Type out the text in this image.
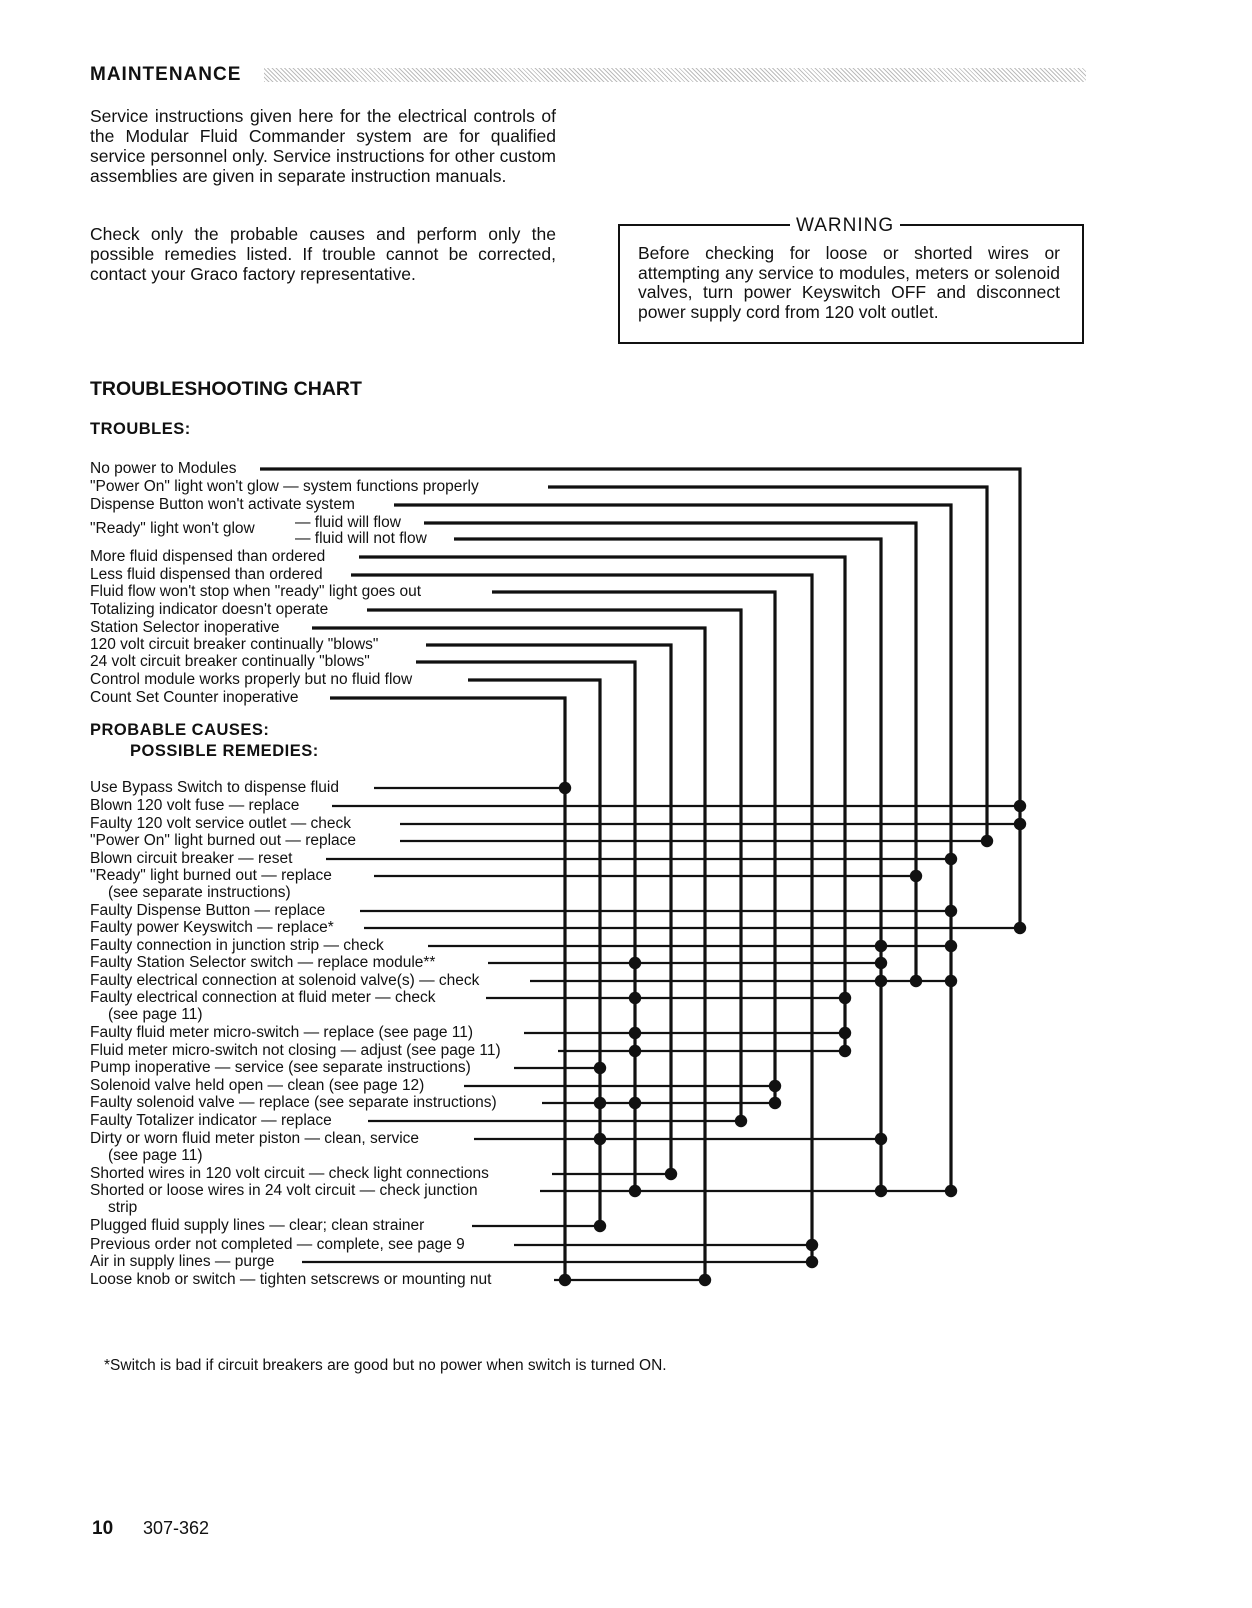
MAINTENANCE

Service instructions given here for the electrical controls of the Modular Fluid Commander system are for qualified service personnel only. Service instructions for other custom assemblies are given in separate instruction manuals.

Check only the probable causes and perform only the possible remedies listed. If trouble cannot be corrected, contact your Graco factory representative.

WARNING
Before checking for loose or shorted wires or attempting any service to modules, meters or solenoid valves, turn power Keyswitch OFF and disconnect power supply cord from 120 volt outlet.
TROUBLESHOOTING CHART
TROUBLES:
PROBABLE CAUSES:
POSSIBLE REMEDIES:
"Ready" light won't glow
No power to Modules
"Power On" light won't glow — system functions properly
Dispense Button won't activate system
— fluid will flow
— fluid will not flow
More fluid dispensed than ordered
Less fluid dispensed than ordered
Fluid flow won't stop when "ready" light goes out
Totalizing indicator doesn't operate
Station Selector inoperative
120 volt circuit breaker continually "blows"
24 volt circuit breaker continually "blows"
Control module works properly but no fluid flow
Count Set Counter inoperative
Use Bypass Switch to dispense fluid
Blown 120 volt fuse — replace
Faulty 120 volt service outlet — check
"Power On" light burned out — replace
Blown circuit breaker — reset
"Ready" light burned out — replace
(see separate instructions)
Faulty Dispense Button — replace
Faulty power Keyswitch — replace*
Faulty connection in junction strip — check
Faulty Station Selector switch — replace module**
Faulty electrical connection at solenoid valve(s) — check
Faulty electrical connection at fluid meter — check
(see page 11)
Faulty fluid meter micro-switch — replace (see page 11)
Fluid meter micro-switch not closing — adjust (see page 11)
Pump inoperative — service (see separate instructions)
Solenoid valve held open — clean (see page 12)
Faulty solenoid valve — replace (see separate instructions)
Faulty Totalizer indicator — replace
Dirty or worn fluid meter piston — clean, service
(see page 11)
Shorted wires in 120 volt circuit — check light connections
Shorted or loose wires in 24 volt circuit — check junction
strip
Plugged fluid supply lines — clear; clean strainer
Previous order not completed — complete, see page 9
Air in supply lines — purge
Loose knob or switch — tighten setscrews or mounting nut
*Switch is bad if circuit breakers are good but no power when switch is turned ON.
10 307-362
